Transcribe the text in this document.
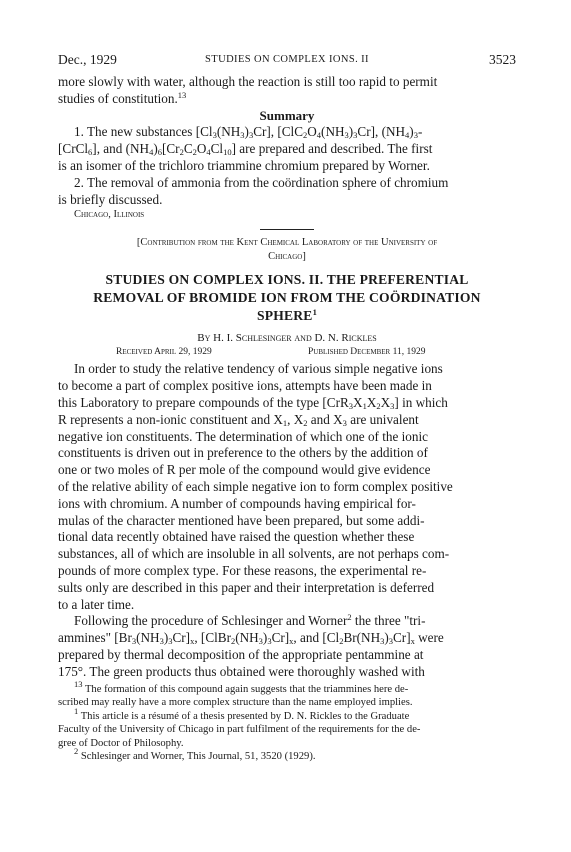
Dec., 1929	STUDIES ON COMPLEX IONS. II	3523

more slowly with water, although the reaction is still too rapid to permit

studies of constitution.$^{13}$

Summary

1. The new substances $[Cl_3(NH_3)_3Cr]$, $[ClC_2O_4(NH_3)_3Cr]$, $(NH_4)_3-$

[CrCl$_6$], and $(NH_4)_6[Cr_2C_2O_4Cl_{10}]$ are prepared and described. The first

is an isomer of the trichloro triammine chromium prepared by Worner.

2. The removal of ammonia from the coördination sphere of chromium

is briefly discussed.

Chicago, Illinois
[Contribution from the Kent Chemical Laboratory of the University of
Chicago]
STUDIES ON COMPLEX IONS. II. THE PREFERENTIAL
REMOVAL OF BROMIDE ION FROM THE COÖRDINATION
SPHERE$^1$
By H. I. Schlesinger and D. N. Rickles
Received April 29, 1929	Published December 11, 1929

In order to study the relative tendency of various simple negative ions

to become a part of complex positive ions, attempts have been made in

this Laboratory to prepare compounds of the type $[CrR_3X_1X_2X_3]$ in which

R represents a non-ionic constituent and $X_1$, $X_2$ and $X_3$ are univalent

negative ion constituents. The determination of which one of the ionic

constituents is driven out in preference to the others by the addition of

one or two moles of R per mole of the compound would give evidence

of the relative ability of each simple negative ion to form complex positive

ions with chromium. A number of compounds having empirical for-

mulas of the character mentioned have been prepared, but some addi-

tional data recently obtained have raised the question whether these

substances, all of which are insoluble in all solvents, are not perhaps com-

pounds of more complex type. For these reasons, the experimental re-

sults only are described in this paper and their interpretation is deferred

to a later time.

Following the procedure of Schlesinger and Worner$^2$ the three "tri-

ammines" $[Br_3(NH_3)_3Cr]_x$, $[ClBr_2(NH_3)_3Cr]_x$, and $[Cl_2Br(NH_3)_3Cr]_x$ were

prepared by thermal decomposition of the appropriate pentammine at

175°. The green products thus obtained were thoroughly washed with

$^{13}$ The formation of this compound again suggests that the triammines here de-

scribed may really have a more complex structure than the name employed implies.

$^1$ This article is a résumé of a thesis presented by D. N. Rickles to the Graduate

Faculty of the University of Chicago in part fulfilment of the requirements for the de-

gree of Doctor of Philosophy.

$^2$ Schlesinger and Worner, This Journal, 51, 3520 (1929).
